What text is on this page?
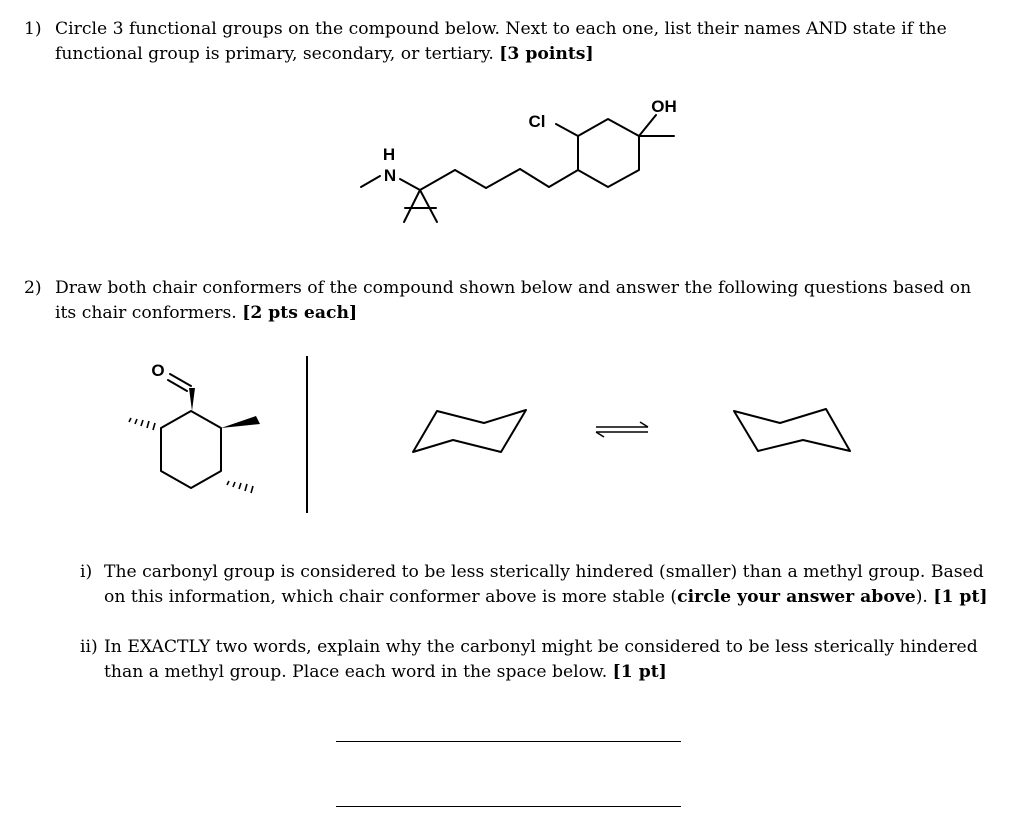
1) Circle 3 functional groups on the compound below. Next to each one, list their names AND state if the functional group is primary, secondary, or tertiary. [3 points]

2) Draw both chair conformers of the compound shown below and answer the following questions based on its chair conformers. [2 pts each]

i) The carbonyl group is considered to be less sterically hindered (smaller) than a methyl group. Based on this information, which chair conformer above is more stable (circle your answer above). [1 pt]

ii) In EXACTLY two words, explain why the carbonyl might be considered to be less sterically hindered than a methyl group. Place each word in the space below. [1 pt]

H
N
Cl
OH
O
